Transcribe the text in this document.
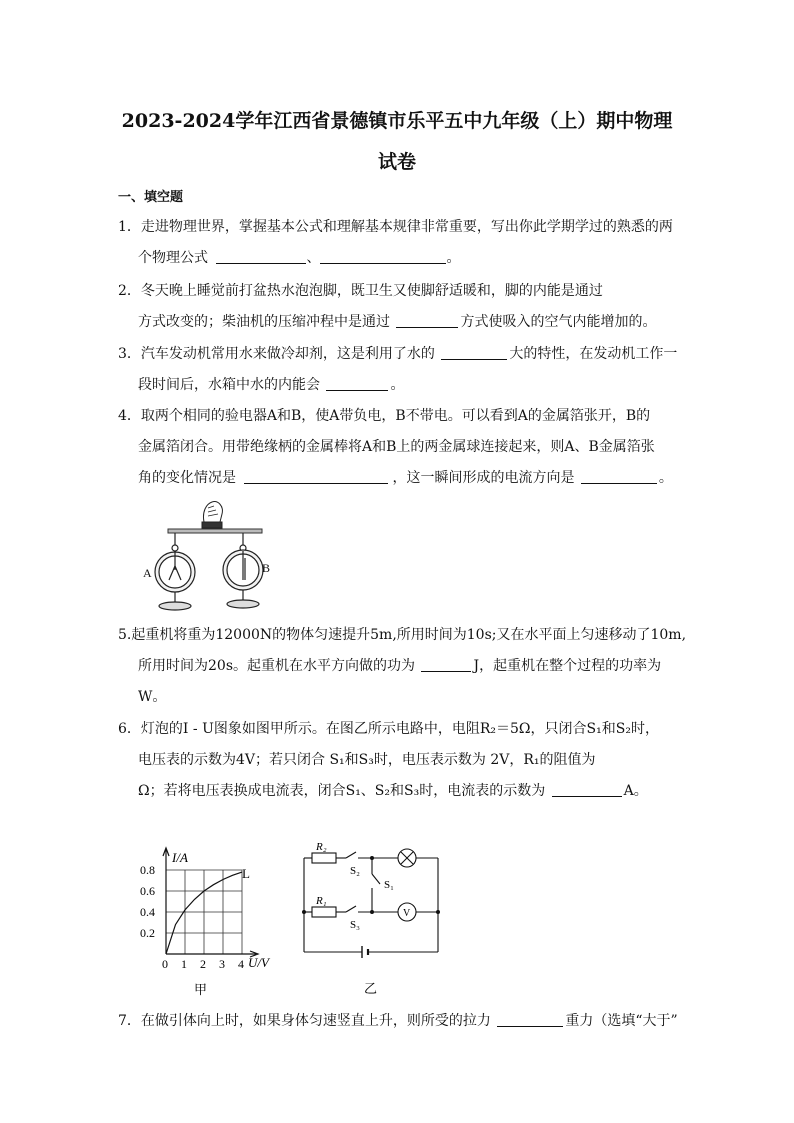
2023-2024学年江西省景德镇市乐平五中九年级（上）期中物理
试卷
一、填空题
1．走进物理世界，掌握基本公式和理解基本规律非常重要，写出你此学期学过的熟悉的两
个物理公式	、	。
2．冬天晚上睡觉前打盆热水泡泡脚，既卫生又使脚舒适暖和，脚的内能是通过
方式改变的；柴油机的压缩冲程中是通过	方式使吸入的空气内能增加的。
3．汽车发动机常用水来做冷却剂，这是利用了水的	大的特性，在发动机工作一
段时间后，水箱中水的内能会	。
4．取两个相同的验电器A和B，使A带负电，B不带电。可以看到A的金属箔张开，B的
金属箔闭合。用带绝缘柄的金属棒将A和B上的两金属球连接起来，则A、B金属箔张
角的变化情况是	，这一瞬间形成的电流方向是	。
A	B
5.起重机将重为12000N的物体匀速提升5m,所用时间为10s;又在水平面上匀速移动了10m,
所用时间为20s。起重机在水平方向做的功为	J，起重机在整个过程的功率为
W。
6．灯泡的I - U图象如图甲所示。在图乙所示电路中，电阻R₂＝5Ω，只闭合S₁和S₂时，
电压表的示数为4V；若只闭合 S₁和S₃时，电压表示数为 2V，R₁的阻值为
Ω；若将电压表换成电流表，闭合S₁、S₂和S₃时，电流表的示数为	A。
0 1 2 3 4
0.2
0.4
0.6
0.8
I/A
U/V
L
甲
R₂
R₁
S₂
S₁
S₃
V
乙
7．在做引体向上时，如果身体匀速竖直上升，则所受的拉力	重力（选填“大于”
